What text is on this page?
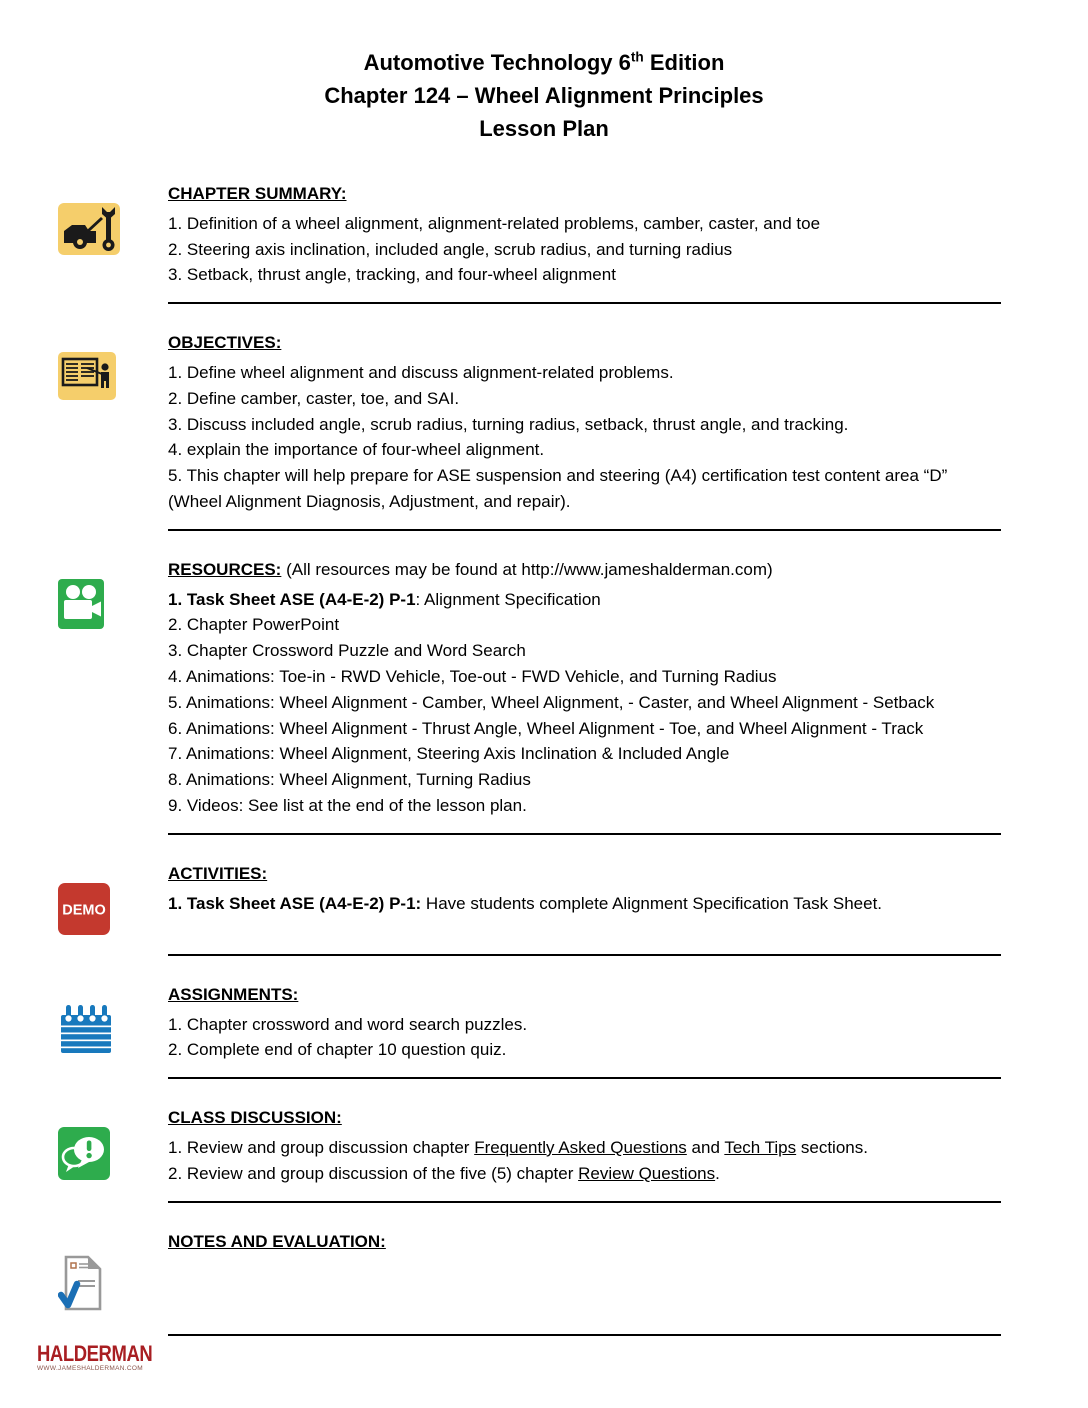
Automotive Technology 6th Edition
Chapter 124 – Wheel Alignment Principles
Lesson Plan
CHAPTER SUMMARY:
1. Definition of a wheel alignment, alignment-related problems, camber, caster, and toe
2. Steering axis inclination, included angle, scrub radius, and turning radius
3. Setback, thrust angle, tracking, and four-wheel alignment
OBJECTIVES:
1. Define wheel alignment and discuss alignment-related problems.
2. Define camber, caster, toe, and SAI.
3. Discuss included angle, scrub radius, turning radius, setback, thrust angle, and tracking.
4. explain the importance of four-wheel alignment.
5. This chapter will help prepare for ASE suspension and steering (A4) certification test content area “D” (Wheel Alignment Diagnosis, Adjustment, and repair).
RESOURCES: (All resources may be found at http://www.jameshalderman.com)
1. Task Sheet ASE (A4-E-2) P-1: Alignment Specification
2. Chapter PowerPoint
3. Chapter Crossword Puzzle and Word Search
4. Animations: Toe-in - RWD Vehicle, Toe-out - FWD Vehicle, and Turning Radius
5. Animations: Wheel Alignment - Camber, Wheel Alignment, - Caster, and Wheel Alignment - Setback
6. Animations: Wheel Alignment - Thrust Angle, Wheel Alignment - Toe, and Wheel Alignment - Track
7. Animations: Wheel Alignment, Steering Axis Inclination & Included Angle
8. Animations: Wheel Alignment, Turning Radius
9. Videos: See list at the end of the lesson plan.
DEMO
ACTIVITIES:
1. Task Sheet ASE (A4-E-2) P-1: Have students complete Alignment Specification Task Sheet.
ASSIGNMENTS:
1. Chapter crossword and word search puzzles.
2. Complete end of chapter 10 question quiz.
CLASS DISCUSSION:
1. Review and group discussion chapter Frequently Asked Questions and Tech Tips sections.
2. Review and group discussion of the five (5) chapter Review Questions.
NOTES AND EVALUATION:
HALDERMAN
WWW.JAMESHALDERMAN.COM
